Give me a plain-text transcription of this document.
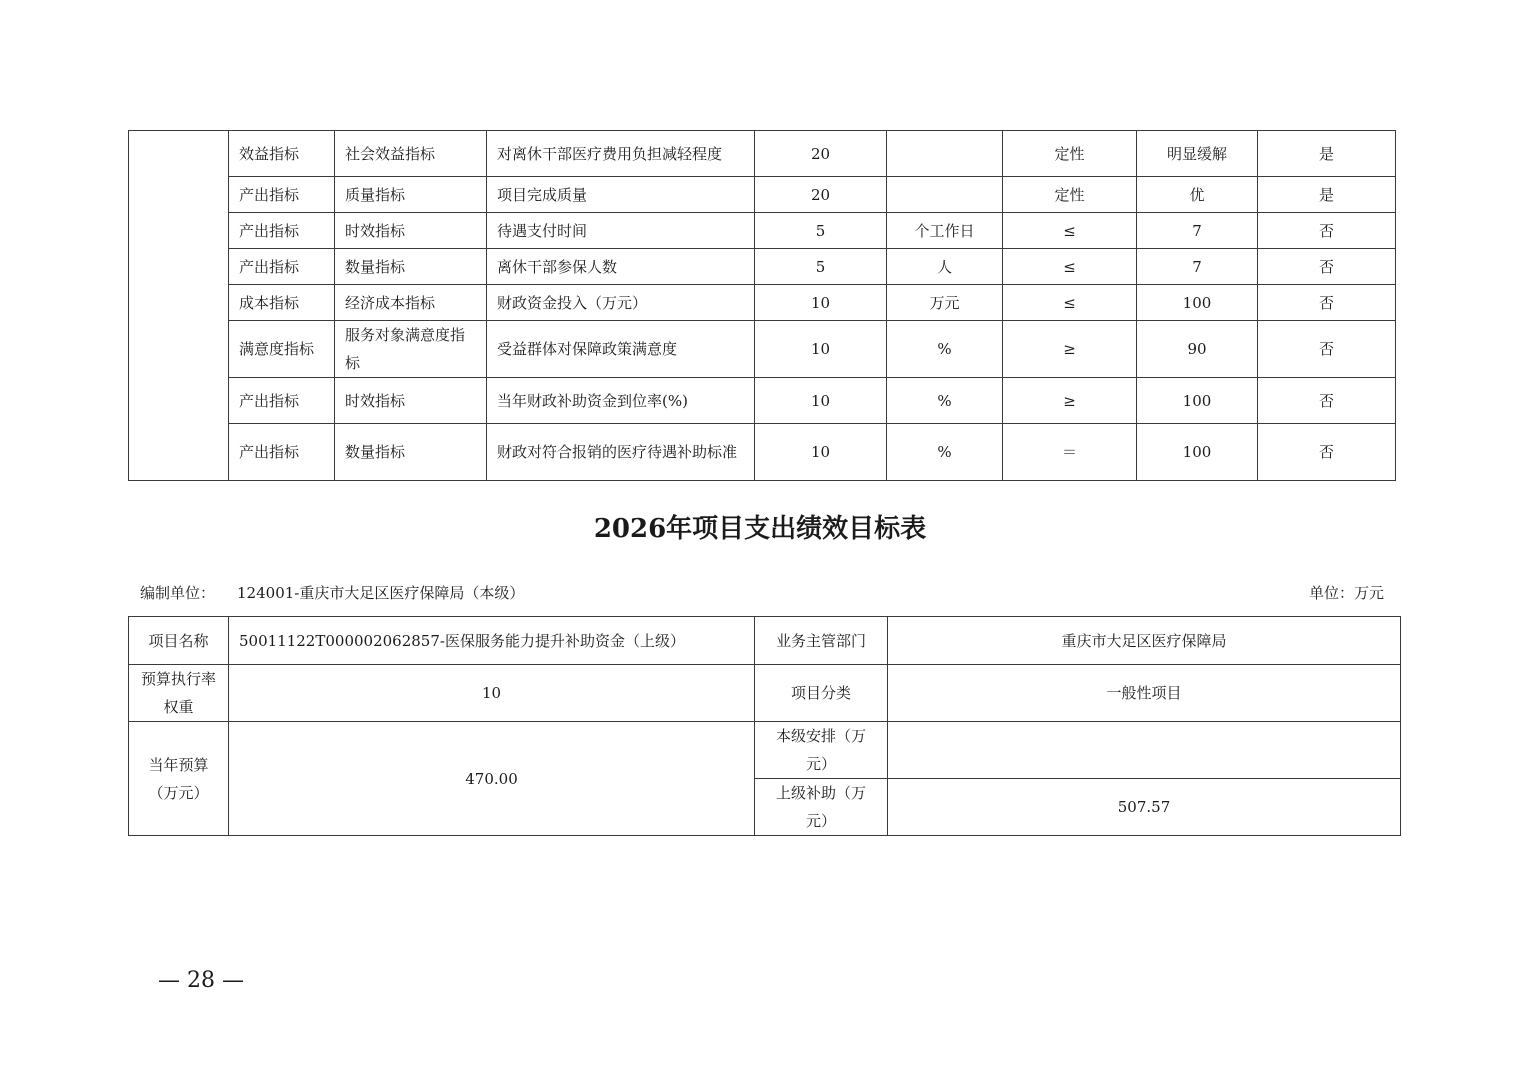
	效益指标	社会效益指标	对离休干部医疗费用负担减轻程度	20		定性	明显缓解	是
	产出指标	质量指标	项目完成质量	20		定性	优	是
	产出指标	时效指标	待遇支付时间	5	个工作日	≤	7	否
	产出指标	数量指标	离休干部参保人数	5	人	≤	7	否
	成本指标	经济成本指标	财政资金投入（万元）	10	万元	≤	100	否
	满意度指标	服务对象满意度指标	受益群体对保障政策满意度	10	%	≥	90	否
	产出指标	时效指标	当年财政补助资金到位率(%)	10	%	≥	100	否
	产出指标	数量指标	财政对符合报销的医疗待遇补助标准	10	%	＝	100	否
2026年项目支出绩效目标表
编制单位： 124001-重庆市大足区医疗保障局（本级）	单位：万元
项目名称	50011122T000002062857-医保服务能力提升补助资金（上级）	业务主管部门	重庆市大足区医疗保障局
预算执行率权重	10	项目分类	一般性项目
当年预算（万元）	470.00	本级安排（万元）	
		上级补助（万元）	507.57
— 28 —
